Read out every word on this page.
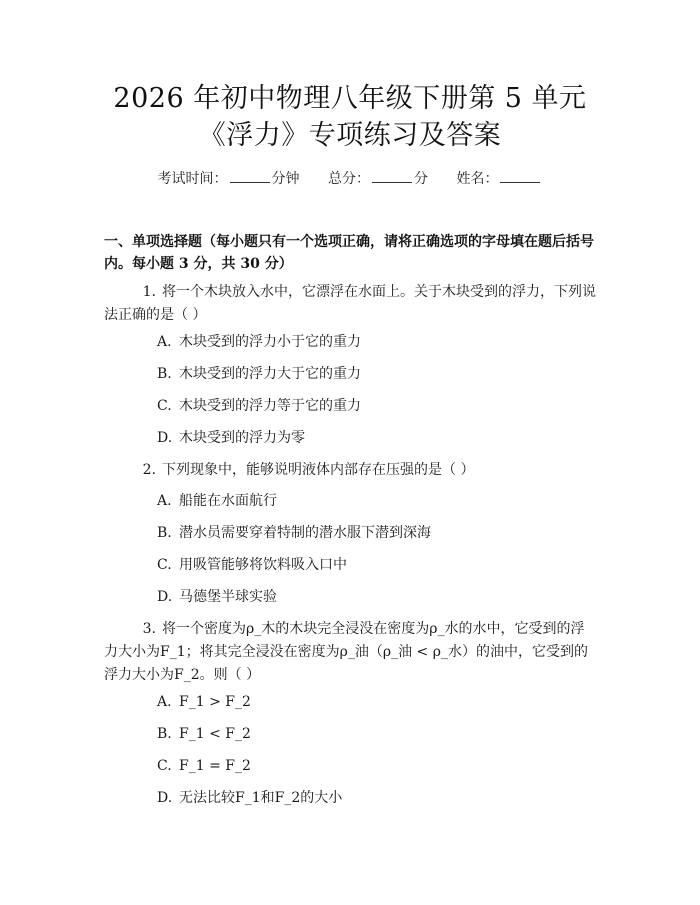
2026 年初中物理八年级下册第 5 单元《浮力》专项练习及答案
考试时间：	分钟 总分：	分 姓名：
一、单项选择题（每小题只有一个选项正确，请将正确选项的字母填在题后括号内。每小题 3 分，共 30 分）
1. 将一个木块放入水中，它漂浮在水面上。关于木块受到的浮力，下列说法正确的是（ ）
A. 木块受到的浮力小于它的重力
B. 木块受到的浮力大于它的重力
C. 木块受到的浮力等于它的重力
D. 木块受到的浮力为零
2. 下列现象中，能够说明液体内部存在压强的是（ ）
A. 船能在水面航行
B. 潜水员需要穿着特制的潜水服下潜到深海
C. 用吸管能够将饮料吸入口中
D. 马德堡半球实验
3. 将一个密度为ρ_木的木块完全浸没在密度为ρ_水的水中，它受到的浮力大小为F_1；将其完全浸没在密度为ρ_油（ρ_油 < ρ_水）的油中，它受到的浮力大小为F_2。则（ ）
A. F_1 > F_2
B. F_1 < F_2
C. F_1 = F_2
D. 无法比较F_1和F_2的大小
